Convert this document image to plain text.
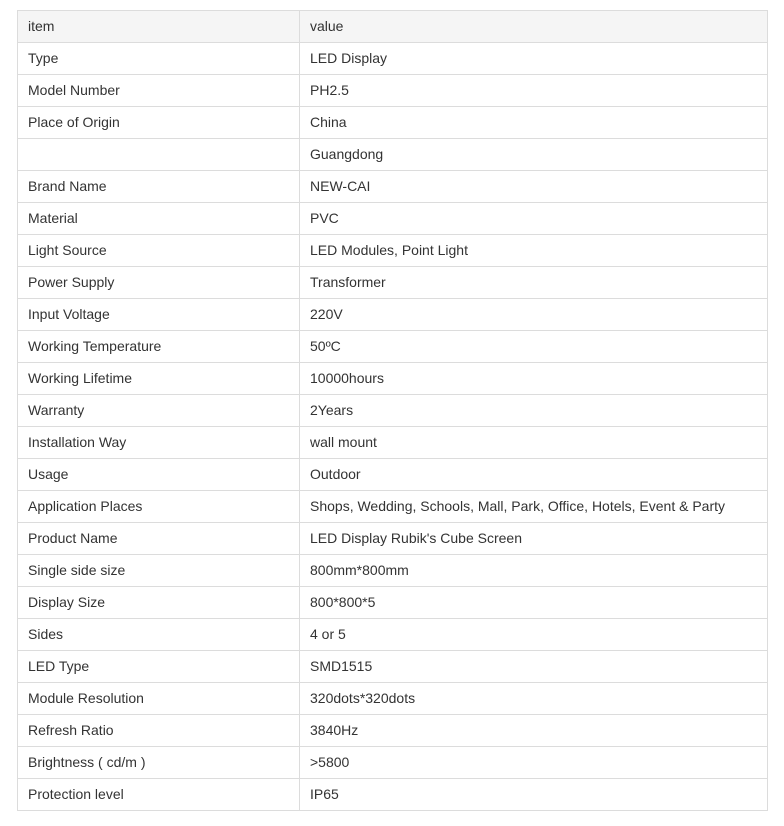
item	value
Type	LED Display
Model Number	PH2.5
Place of Origin	China
	Guangdong
Brand Name	NEW-CAI
Material	PVC
Light Source	LED Modules, Point Light
Power Supply	Transformer
Input Voltage	220V
Working Temperature	50ºC
Working Lifetime	10000hours
Warranty	2Years
Installation Way	wall mount
Usage	Outdoor
Application Places	Shops, Wedding, Schools, Mall, Park, Office, Hotels, Event & Party
Product Name	LED Display Rubik's Cube Screen
Single side size	800mm*800mm
Display Size	800*800*5
Sides	4 or 5
LED Type	SMD1515
Module Resolution	320dots*320dots
Refresh Ratio	3840Hz
Brightness ( cd/m )	>5800
Protection level	IP65
